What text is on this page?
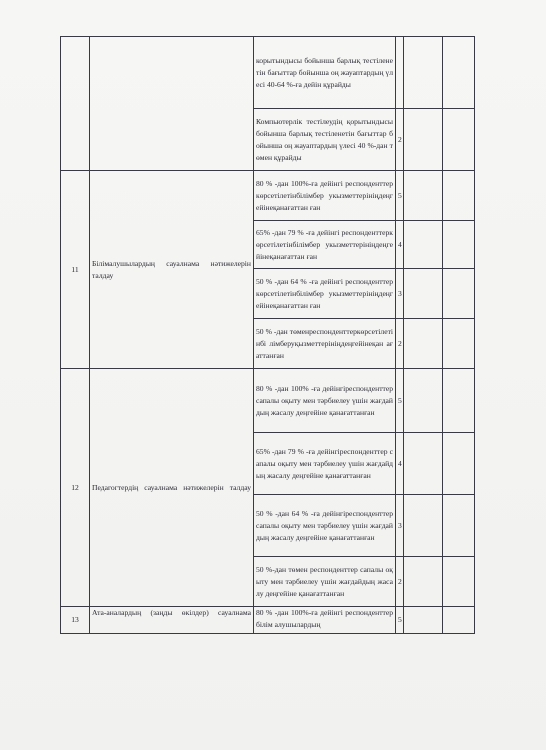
		корытындысы бойынша барлық тестіленетін бағыттар бойынша оң жауаптардың үлесі 40-64 %-ға дейін құрайды			
		Компьютерлік тестілеудің қорытындысы бойынша барлық тестіленетін бағыттар бойынша оң жауаптардың үлесі 40 %-дан төмен құрайды	2		
11	Білімалушылардың сауалнама нәтижелерін талдау	80 % -дан 100%-ға дейінгі респонденттеркөрсетілетінбілімбер укызметтерініңдеңгейінеқанағаттан ған	5		
		65% -дан 79 % -ға дейінгі респонденттеркөрсетілетінбілімбер укызметтерініңдеңгейінеқанағаттан ған	4		
		50 % -дан 64 % -ға дейінгі респонденттеркөрсетілетінбілімбер укызметтерініңдеңгейінеқанағаттан ған	3		
		50 % -дан төменреспонденттеркөрсетілетінбі лімберуқызметтерініңдеңгейінеқан ағаттанған	2		
12	Педагогтердің сауалнама нәтижелерін талдау	80 % -дан 100% -ға дейінгіреспонденттер сапалы оқыту мен тәрбиелеу үшін жағдайдың жасалу деңгейіне қанағаттанған	5		
		65% -дан 79 % -ға дейінгіреспонденттер сапалы оқыту мен тәрбиелеу үшін жағдайдың жасалу деңгейіне қанағаттанған	4		
		50 % -дан 64 % -ға дейінгіреспонденттер сапалы оқыту мен тәрбиелеу үшін жағдайдың жасалу деңгейіне қанағаттанған	3		
		50 %-дан төмен респонденттер сапалы оқыту мен тәрбиелеу үшін жағдайдың жасалу деңгейіне қанағаттанған	2		
13	Ата-аналардың (заңды өкілдер) сауалнама	80 % -дан 100%-ға дейінгі респонденттер білім алушылардың	5		
